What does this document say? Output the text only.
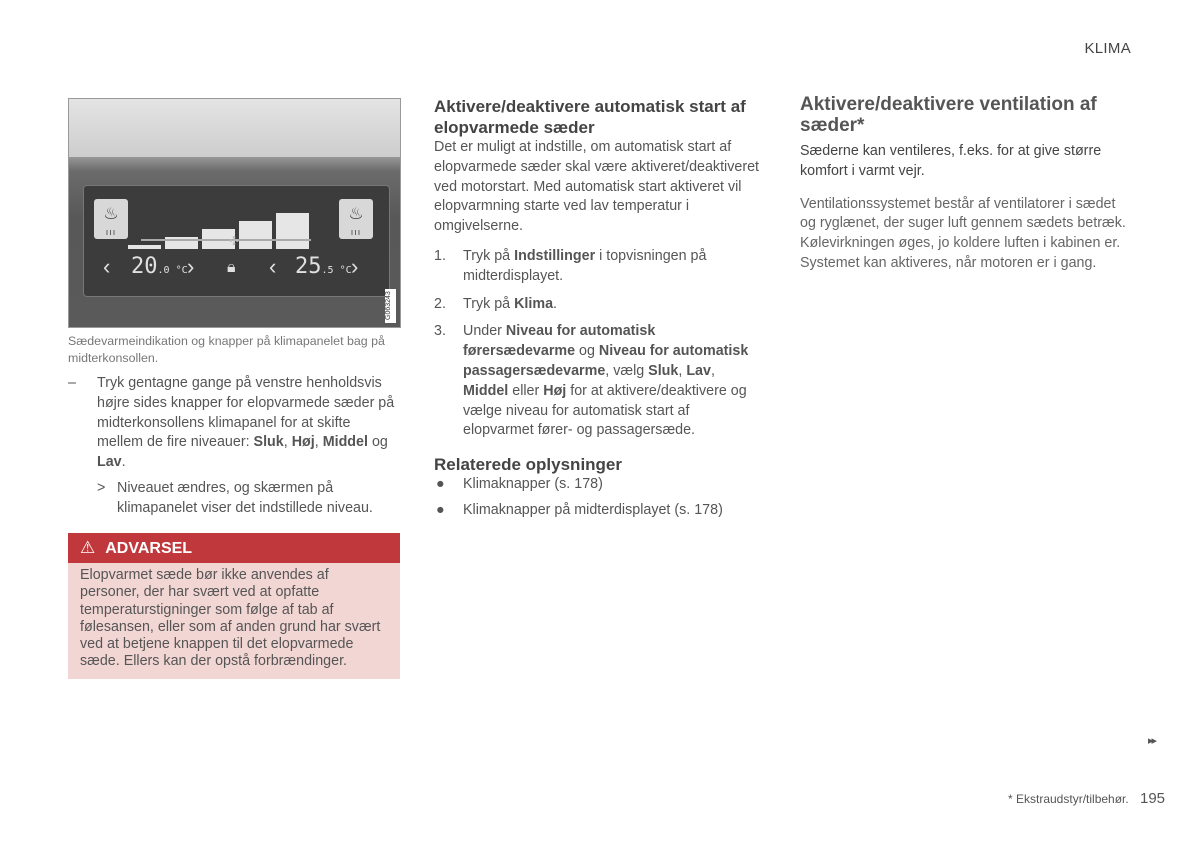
KLIMA
♨
ııı
♨
ııı
✣
‹ 20.0 °C › 🔒︎ ‹ 25.5 °C ›
G063243
Sædevarmeindikation og knapper på klimapanelet bag på midterkonsollen.
– Tryk gentagne gange på venstre henholdsvis højre sides knapper for elopvarmede sæder på midterkonsollens klimapanel for at skifte mellem de fire niveauer: Sluk, Høj, Middel og Lav.
> Niveauet ændres, og skærmen på klimapanelet viser det indstillede niveau.
⚠ ADVARSEL
Elopvarmet sæde bør ikke anvendes af personer, der har svært ved at opfatte temperaturstigninger som følge af tab af følesansen, eller som af anden grund har svært ved at betjene knappen til det elopvarmede sæde. Ellers kan der opstå forbrændinger.
Aktivere/deaktivere automatisk start af elopvarmede sæder
Det er muligt at indstille, om automatisk start af elopvarmede sæder skal være aktiveret/deaktiveret ved motorstart. Med automatisk start aktiveret vil elopvarmning starte ved lav temperatur i omgivelserne.
1. Tryk på Indstillinger i topvisningen på midterdisplayet.
2. Tryk på Klima.
3. Under Niveau for automatisk førersædevarme og Niveau for automatisk passagersædevarme, vælg Sluk, Lav, Middel eller Høj for at aktivere/deaktivere og vælge niveau for automatisk start af elopvarmet fører- og passagersæde.
Relaterede oplysninger
● Klimaknapper (s. 178)
● Klimaknapper på midterdisplayet (s. 178)
Aktivere/deaktivere ventilation af sæder*
Sæderne kan ventileres, f.eks. for at give større komfort i varmt vejr.
Ventilationssystemet består af ventilatorer i sædet og ryglænet, der suger luft gennem sædets betræk. Kølevirkningen øges, jo koldere luften i kabinen er. Systemet kan aktiveres, når motoren er i gang.
▸▸
* Ekstraudstyr/tilbehør. 195
